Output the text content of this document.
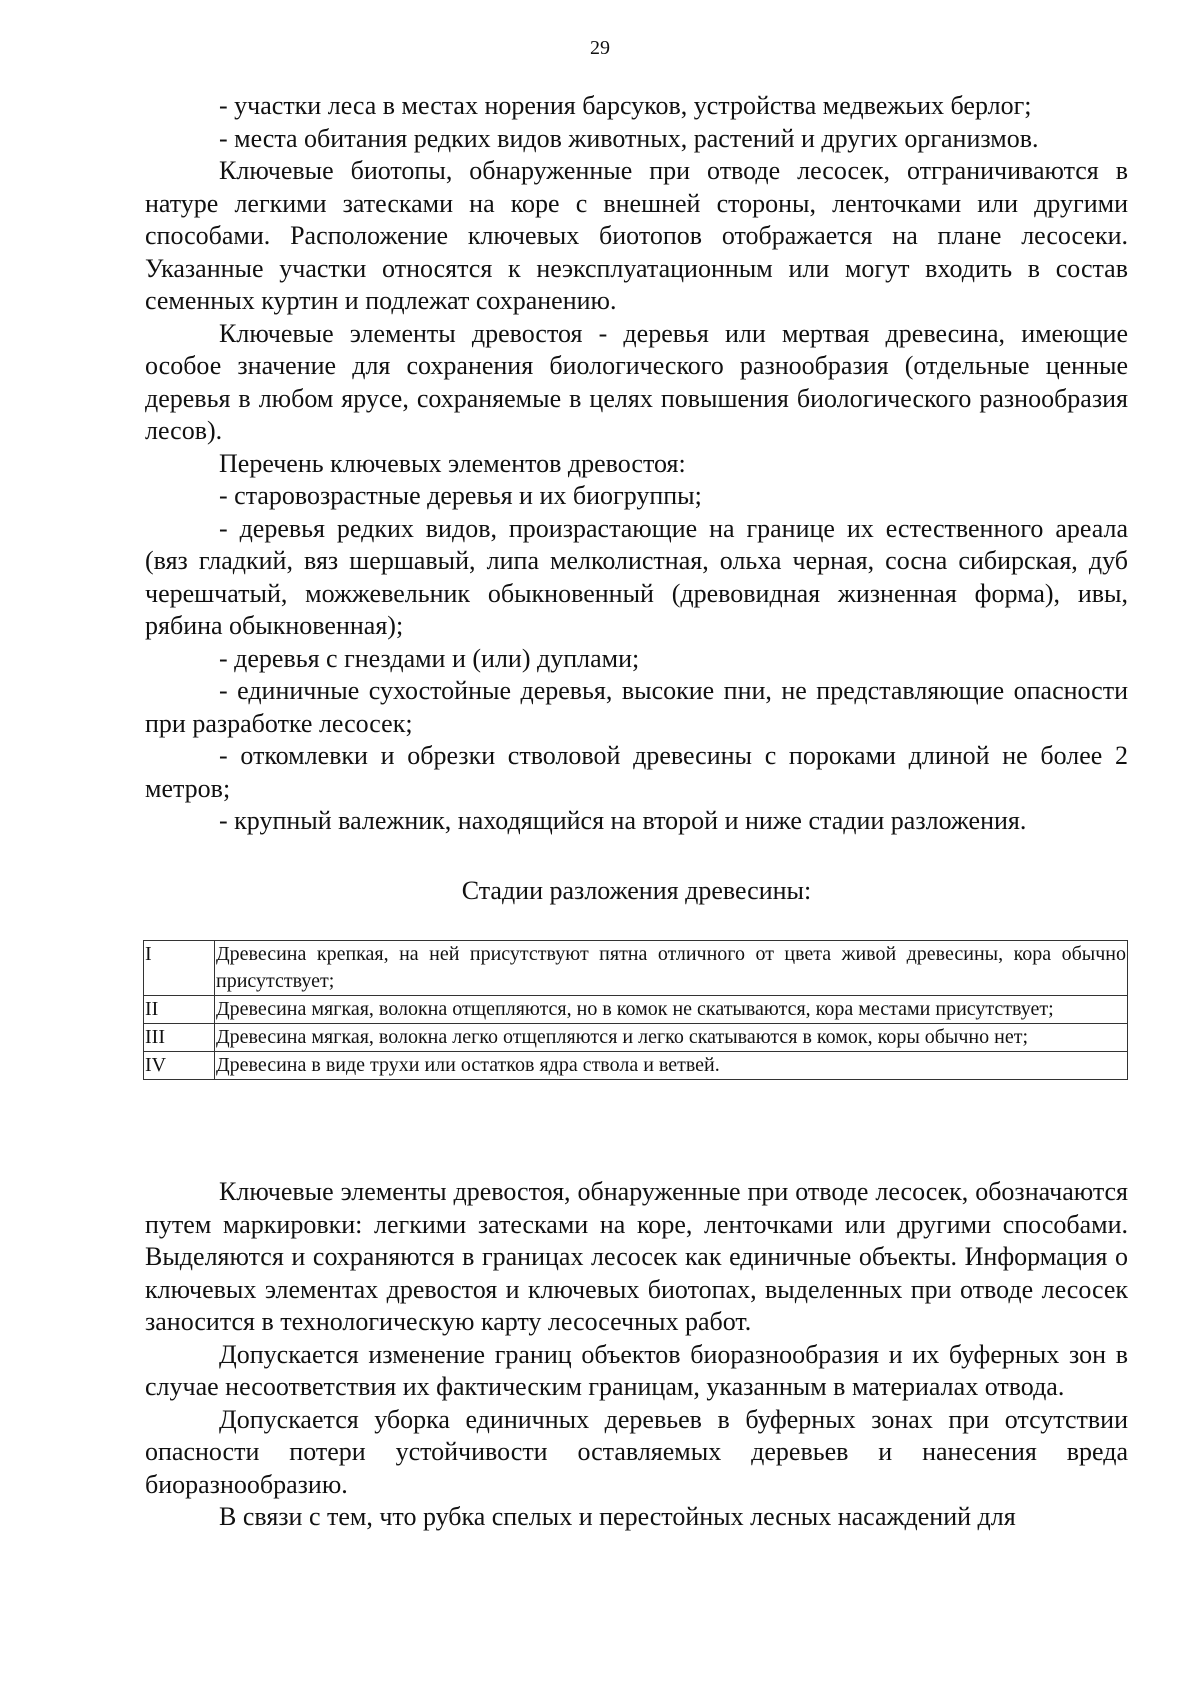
29

- участки леса в местах норения барсуков, устройства медвежьих берлог;

- места обитания редких видов животных, растений и других организмов.

Ключевые биотопы, обнаруженные при отводе лесосек, отграничиваются в натуре легкими затесками на коре с внешней стороны, ленточками или другими способами. Расположение ключевых биотопов отображается на плане лесосеки. Указанные участки относятся к неэксплуатационным или могут входить в состав семенных куртин и подлежат сохранению.

Ключевые элементы древостоя - деревья или мертвая древесина, имеющие особое значение для сохранения биологического разнообразия (отдельные ценные деревья в любом ярусе, сохраняемые в целях повышения биологического разнообразия лесов).

Перечень ключевых элементов древостоя:

- старовозрастные деревья и их биогруппы;

- деревья редких видов, произрастающие на границе их естественного ареала (вяз гладкий, вяз шершавый, липа мелколистная, ольха черная, сосна сибирская, дуб черешчатый, можжевельник обыкновенный (древовидная жизненная форма), ивы, рябина обыкновенная);

- деревья с гнездами и (или) дуплами;

- единичные сухостойные деревья, высокие пни, не представляющие опасности при разработке лесосек;

- откомлевки и обрезки стволовой древесины с пороками длиной не более 2 метров;

- крупный валежник, находящийся на второй и ниже стадии разложения.

Стадии разложения древесины:
I	Древесина крепкая, на ней присутствуют пятна отличного от цвета живой древесины, кора обычно присутствует;
II	Древесина мягкая, волокна отщепляются, но в комок не скатываются, кора местами присутствует;
III	Древесина мягкая, волокна легко отщепляются и легко скатываются в комок, коры обычно нет;
IV	Древесина в виде трухи или остатков ядра ствола и ветвей.

Ключевые элементы древостоя, обнаруженные при отводе лесосек, обозначаются путем маркировки: легкими затесками на коре, ленточками или другими способами. Выделяются и сохраняются в границах лесосек как единичные объекты. Информация о ключевых элементах древостоя и ключевых биотопах, выделенных при отводе лесосек заносится в технологическую карту лесосечных работ.

Допускается изменение границ объектов биоразнообразия и их буферных зон в случае несоответствия их фактическим границам, указанным в материалах отвода.

Допускается уборка единичных деревьев в буферных зонах при отсутствии опасности потери устойчивости оставляемых деревьев и нанесения вреда биоразнообразию.

В связи с тем, что рубка спелых и перестойных лесных насаждений для
